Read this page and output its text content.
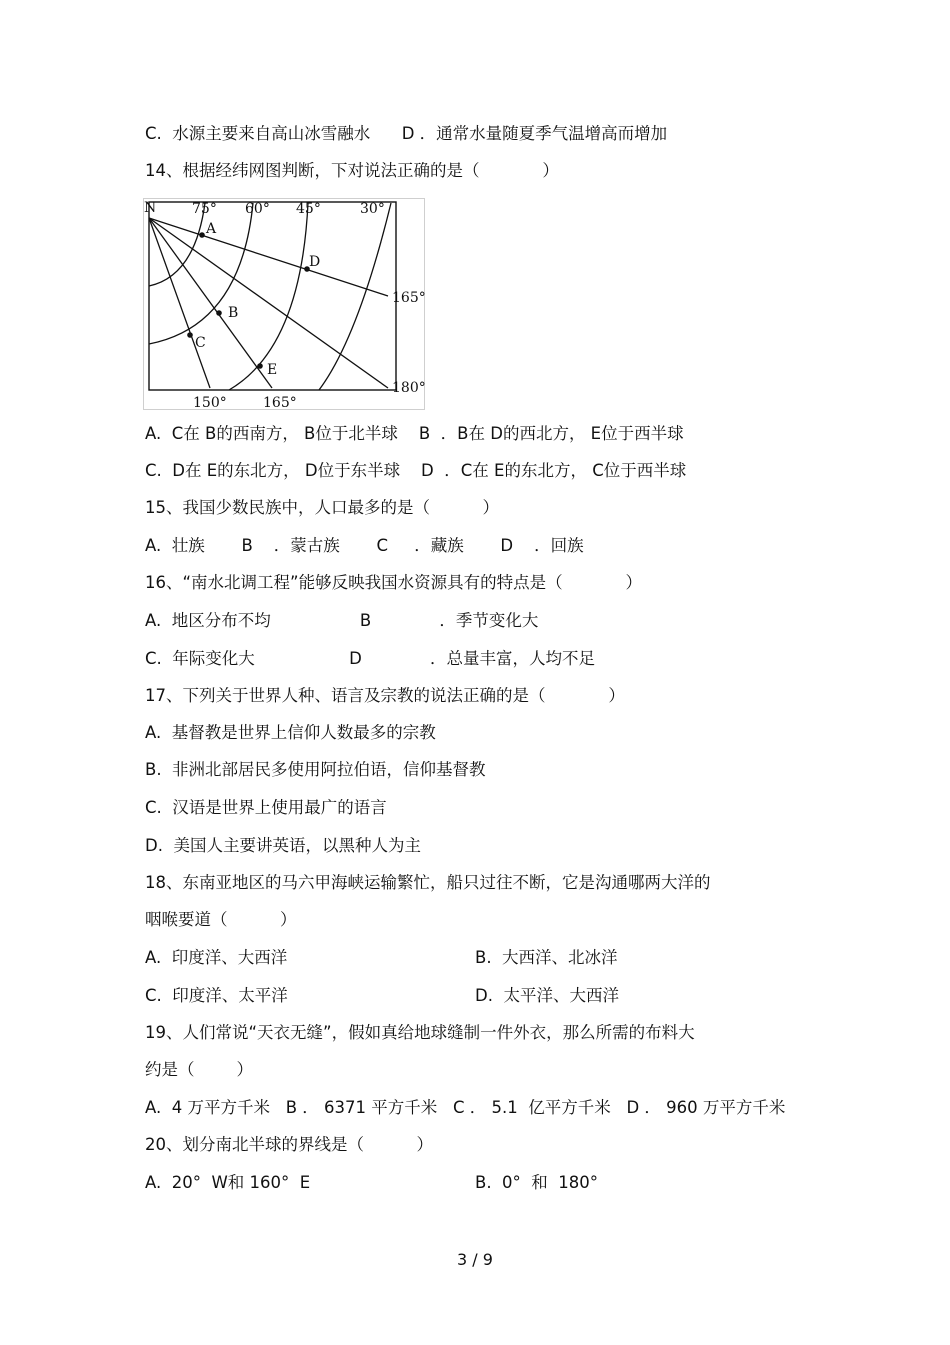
C.  水源主要来自高山冰雪融水      D ．通常水量随夏季气温增高而增加
14、根据经纬网图判断，下对说法正确的是（            ）
N	75° 60° 45°	30°
165°
180°
150°	165°
A
B
C
D
E
A.  C在 B的西南方， B位于北半球    B  ．B在 D的西北方， E位于西半球
C.  D在 E的东北方， D位于东半球    D  ．C在 E的东北方， C位于西半球
15、我国少数民族中，人口最多的是（          ）
A.  壮族       B    ．蒙古族       C     ．藏族       D    ．回族
16、“南水北调工程”能够反映我国水资源具有的特点是（            ）
A.  地区分布不均                 B             ．季节变化大
C.  年际变化大                  D             ．总量丰富，人均不足
17、下列关于世界人种、语言及宗教的说法正确的是（            ）
A.  基督教是世界上信仰人数最多的宗教
B.  非洲北部居民多使用阿拉伯语，信仰基督教
C.  汉语是世界上使用最广的语言
D.  美国人主要讲英语，以黑种人为主
18、东南亚地区的马六甲海峡运输繁忙，船只过往不断，它是沟通哪两大洋的
咽喉要道（          ）
A.  印度洋、大西洋	B.  大西洋、北冰洋
C.  印度洋、太平洋	D.  太平洋、大西洋
19、人们常说“天衣无缝”，假如真给地球缝制一件外衣，那么所需的布料大
约是（        ）
A.  4 万平方千米   B ． 6371 平方千米   C ． 5.1  亿平方千米   D ． 960 万平方千米
20、划分南北半球的界线是（          ）
A.  20°  W和 160°  E	B.  0°  和  180°
3 / 9
